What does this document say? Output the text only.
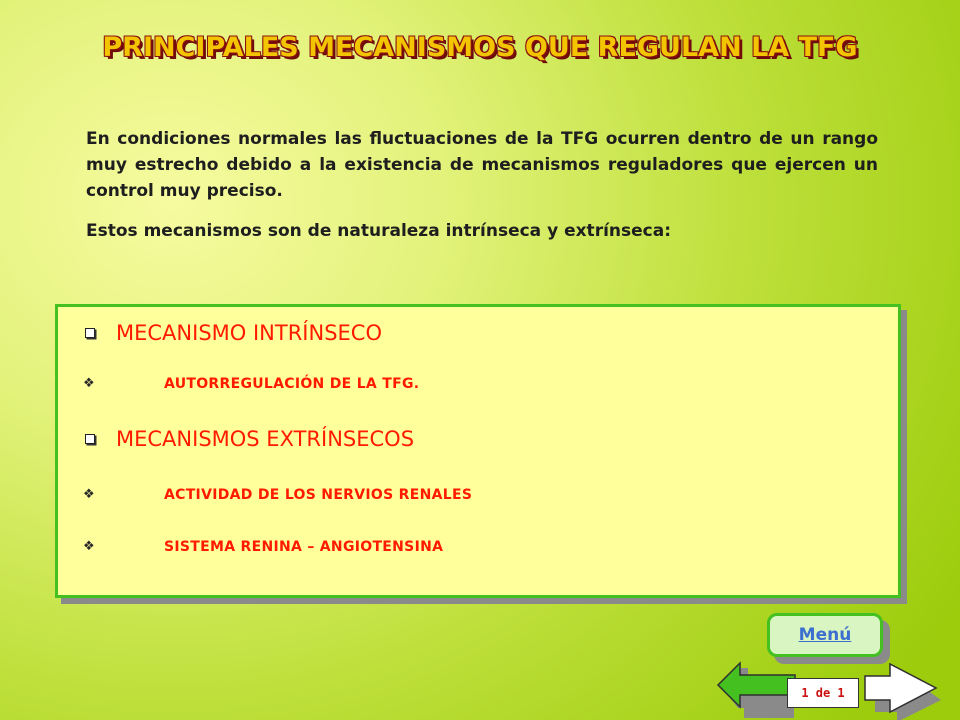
PRINCIPALES MECANISMOS QUE REGULAN LA TFG

En condiciones normales las fluctuaciones de la TFG ocurren dentro de un rango muy estrecho debido a la existencia de mecanismos reguladores que ejercen un control muy preciso.

Estos mecanismos son de naturaleza intrínseca y extrínseca:

MECANISMO INTRÍNSECO
❖	AUTORREGULACIÓN DE LA TFG.
MECANISMOS EXTRÍNSECOS
❖	ACTIVIDAD DE LOS NERVIOS RENALES
❖	SISTEMA RENINA – ANGIOTENSINA
Menú
1 de 1
